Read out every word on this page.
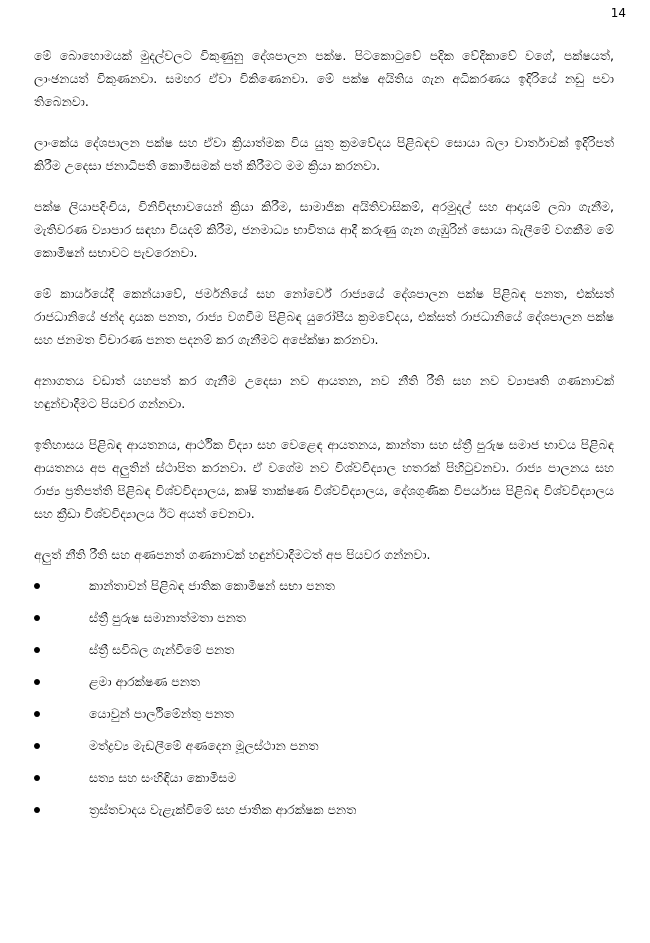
14

මේ බොහොමයක් මුදල්වලට විකුණුනු දේශපාලන පක්ෂ. පිටකොටුවේ පදික වේදිකාවේ වගේ, පක්ෂයත්, ලාංඡනයත් විකුණනවා. සමහර ඒවා විකිණෙනවා. මේ පක්ෂ අයිතිය ගැන අධිකරණය ඉදිරියේ නඩු පවා තිබෙනවා.

ලාංකේය දේශපාලන පක්ෂ සහ ඒවා ක්‍රියාත්මක විය යුතු ක්‍රමවේදය පිළිබඳව සොයා බලා වාර්තාවක් ඉදිරිපත් කිරීම උදෙසා ජනාධිපති කොමිසමක් පත් කිරීමට මම ක්‍රියා කරනවා.

පක්ෂ ලියාපදිංචිය, විනිවිදභාවයෙන් ක්‍රියා කිරීම, සාමාජික අයිතිවාසිකම්, අරමුදල් සහ ආදායම් ලබා ගැනීම, මැතිවරණ ව්‍යාපාර සඳහා වියදම් කිරීම, ජනමාධ්‍ය භාවිතය ආදී කරුණු ගැන ගැඹුරින් සොයා බැලීමේ වගකීම මේ කොමිෂන් සභාවට පැවරෙනවා.

මේ කාර්යයේදී කෙන්යාවේ, ජර්මනියේ සහ නෝර්වේ රාජ්‍යයේ දේශපාලන පක්ෂ පිළිබඳ පනත, එක්සත් රාජධානියේ ඡන්ද දායක පනත, රාජ්‍ය වගවීම පිළිබඳ යුරෝපීය ක්‍රමවේදය, එක්සත් රාජධානියේ දේශපාලන පක්ෂ සහ ජනමත විචාරණ පනත පදනම් කර ගැනීමට අපේක්ෂා කරනවා.

අනාගතය වඩාත් යහපත් කර ගැනීම උදෙසා නව ආයතන, නව නීති රීති සහ නව ව්‍යාපෘති ගණනාවක් හඳුන්වාදීමට පියවර ගන්නවා.

ඉතිහාසය පිළිබඳ ආයතනය, ආර්ථික විද්‍යා සහ වෙළෙඳ ආයතනය, කාන්තා සහ ස්ත්‍රී පුරුෂ සමාජ භාවය පිළිබඳ ආයතනය අප අලුතින් ස්ථාපිත කරනවා. ඒ වගේම නව විශ්වවිද්‍යාල හතරක් පිහිටුවනවා. රාජ්‍ය පාලනය සහ රාජ්‍ය ප්‍රතිපත්ති පිළිබඳ විශ්වවිද්‍යාලය, කෘෂි තාක්ෂණ විශ්වවිද්‍යාලය, දේශගුණික විපර්යාස පිළිබඳ විශ්වවිද්‍යාලය සහ ක්‍රීඩා විශ්වවිද්‍යාලය ඊට අයත් වෙනවා.

අලුත් නීති රීති සහ අණපනත් ගණනාවක් හඳුන්වාදීමටත් අප පියවර ගන්නවා.

කාන්තාවන් පිළිබඳ ජාතික කොමිෂන් සභා පනත
ස්ත්‍රී පුරුෂ සමානාත්මතා පනත
ස්ත්‍රී සවිබල ගැන්වීමේ පනත
ළමා ආරක්ෂණ පනත
යොවුන් පාර්ලිමේන්තු පනත
මත්ද්‍රව්‍ය මැඩලීමේ අණදෙන මූලස්ථාන පනත
සත්‍ය සහ සංහිඳියා කොමිසම
ත්‍රස්තවාදය වැළැක්වීමේ සහ ජාතික ආරක්ෂක පනත
